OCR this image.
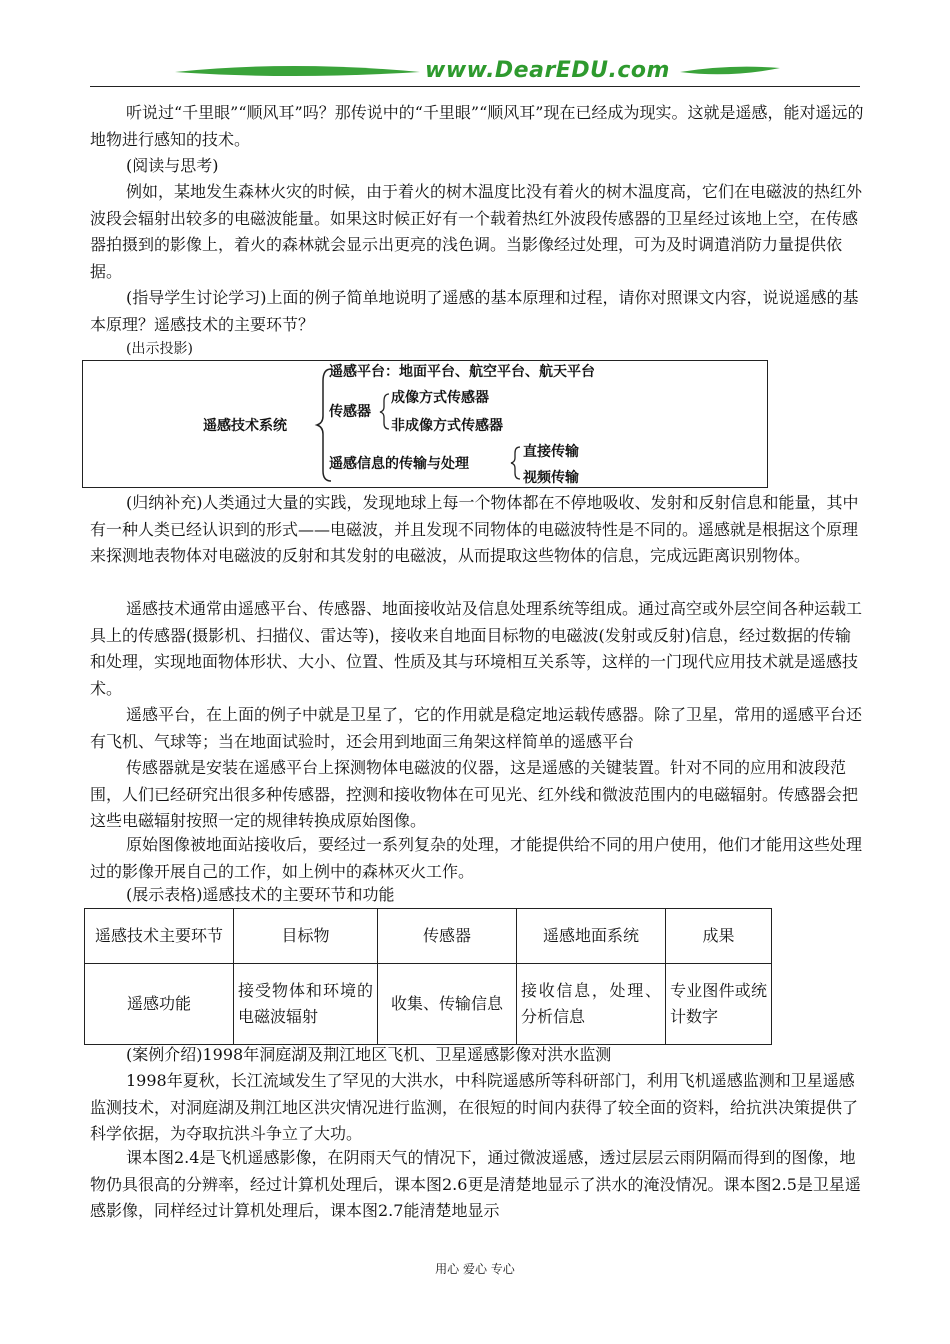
www.DearEDU.com

听说过“千里眼”“顺风耳”吗？那传说中的“千里眼”“顺风耳”现在已经成为现实。这就是遥感，能对遥远的地物进行感知的技术。

(阅读与思考)

例如，某地发生森林火灾的时候，由于着火的树木温度比没有着火的树木温度高，它们在电磁波的热红外波段会辐射出较多的电磁波能量。如果这时候正好有一个载着热红外波段传感器的卫星经过该地上空，在传感器拍摄到的影像上，着火的森林就会显示出更亮的浅色调。当影像经过处理，可为及时调遣消防力量提供依据。

(指导学生讨论学习)上面的例子简单地说明了遥感的基本原理和过程，请你对照课文内容，说说遥感的基本原理？遥感技术的主要环节？

(出示投影)

遥感技术系统
遥感平台：地面平台、航空平台、航天平台
传感器
成像方式传感器
非成像方式传感器
遥感信息的传输与处理
直接传输
视频传输

(归纳补充)人类通过大量的实践，发现地球上每一个物体都在不停地吸收、发射和反射信息和能量，其中有一种人类已经认识到的形式——电磁波，并且发现不同物体的电磁波特性是不同的。遥感就是根据这个原理来探测地表物体对电磁波的反射和其发射的电磁波，从而提取这些物体的信息，完成远距离识别物体。

遥感技术通常由遥感平台、传感器、地面接收站及信息处理系统等组成。通过高空或外层空间各种运载工具上的传感器(摄影机、扫描仪、雷达等)，接收来自地面目标物的电磁波(发射或反射)信息，经过数据的传输和处理，实现地面物体形状、大小、位置、性质及其与环境相互关系等，这样的一门现代应用技术就是遥感技术。

遥感平台，在上面的例子中就是卫星了，它的作用就是稳定地运载传感器。除了卫星，常用的遥感平台还有飞机、气球等；当在地面试验时，还会用到地面三角架这样简单的遥感平台

传感器就是安装在遥感平台上探测物体电磁波的仪器，这是遥感的关键装置。针对不同的应用和波段范围，人们已经研究出很多种传感器，控测和接收物体在可见光、红外线和微波范围内的电磁辐射。传感器会把这些电磁辐射按照一定的规律转换成原始图像。

原始图像被地面站接收后，要经过一系列复杂的处理，才能提供给不同的用户使用，他们才能用这些处理过的影像开展自己的工作，如上例中的森林灭火工作。

(展示表格)遥感技术的主要环节和功能

遥感技术主要环节	目标物	传感器	遥感地面系统	成果
遥感功能	接受物体和环境的电磁波辐射	收集、传输信息	接收信息，处理、分析信息	专业图件或统计数字

(案例介绍)1998年洞庭湖及荆江地区飞机、卫星遥感影像对洪水监测

1998年夏秋，长江流域发生了罕见的大洪水，中科院遥感所等科研部门，利用飞机遥感监测和卫星遥感监测技术，对洞庭湖及荆江地区洪灾情况进行监测，在很短的时间内获得了较全面的资料，给抗洪决策提供了科学依据，为夺取抗洪斗争立了大功。

课本图2.4是飞机遥感影像，在阴雨天气的情况下，通过微波遥感，透过层层云雨阴隔而得到的图像，地物仍具很高的分辨率，经过计算机处理后，课本图2.6更是清楚地显示了洪水的淹没情况。课本图2.5是卫星遥感影像，同样经过计算机处理后，课本图2.7能清楚地显示

用心 爱心 专心
